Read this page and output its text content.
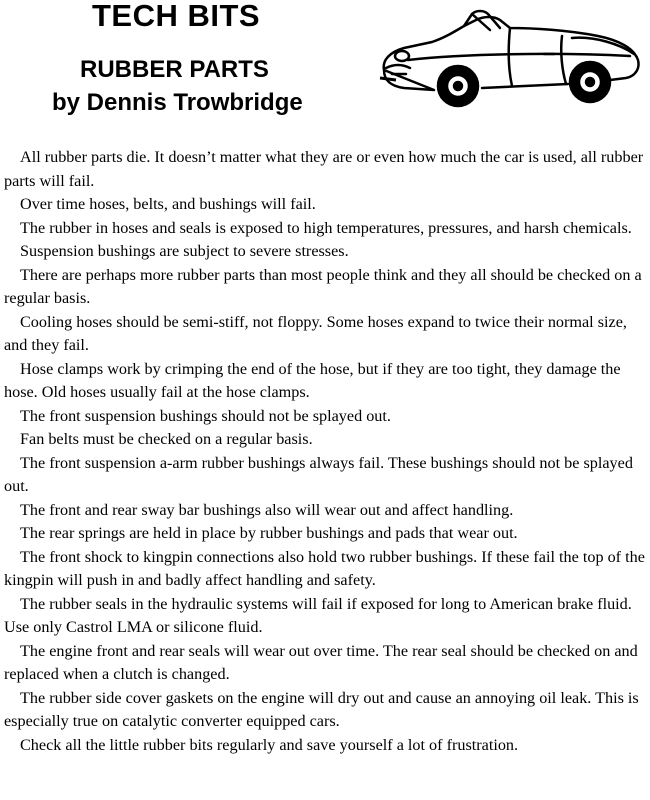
TECH BITS
RUBBER PARTS
by Dennis Trowbridge

All rubber parts die. It doesn’t matter what they are or even how much the car is used, all rubber parts will fail.

Over time hoses, belts, and bushings will fail.

The rubber in hoses and seals is exposed to high temperatures, pressures, and harsh chemicals.

Suspension bushings are subject to severe stresses.

There are perhaps more rubber parts than most people think and they all should be checked on a regular basis.

Cooling hoses should be semi-stiff, not floppy. Some hoses expand to twice their normal size, and they fail.

Hose clamps work by crimping the end of the hose, but if they are too tight, they damage the hose. Old hoses usually fail at the hose clamps.

The front suspension bushings should not be splayed out.

Fan belts must be checked on a regular basis.

The front suspension a-arm rubber bushings always fail. These bushings should not be splayed out.

The front and rear sway bar bushings also will wear out and affect handling.

The rear springs are held in place by rubber bushings and pads that wear out.

The front shock to kingpin connections also hold two rubber bushings. If these fail the top of the kingpin will push in and badly affect handling and safety.

The rubber seals in the hydraulic systems will fail if exposed for long to American brake fluid. Use only Castrol LMA or silicone fluid.

The engine front and rear seals will wear out over time. The rear seal should be checked on and replaced when a clutch is changed.

The rubber side cover gaskets on the engine will dry out and cause an annoying oil leak. This is especially true on catalytic converter equipped cars.

Check all the little rubber bits regularly and save yourself a lot of frustration.
